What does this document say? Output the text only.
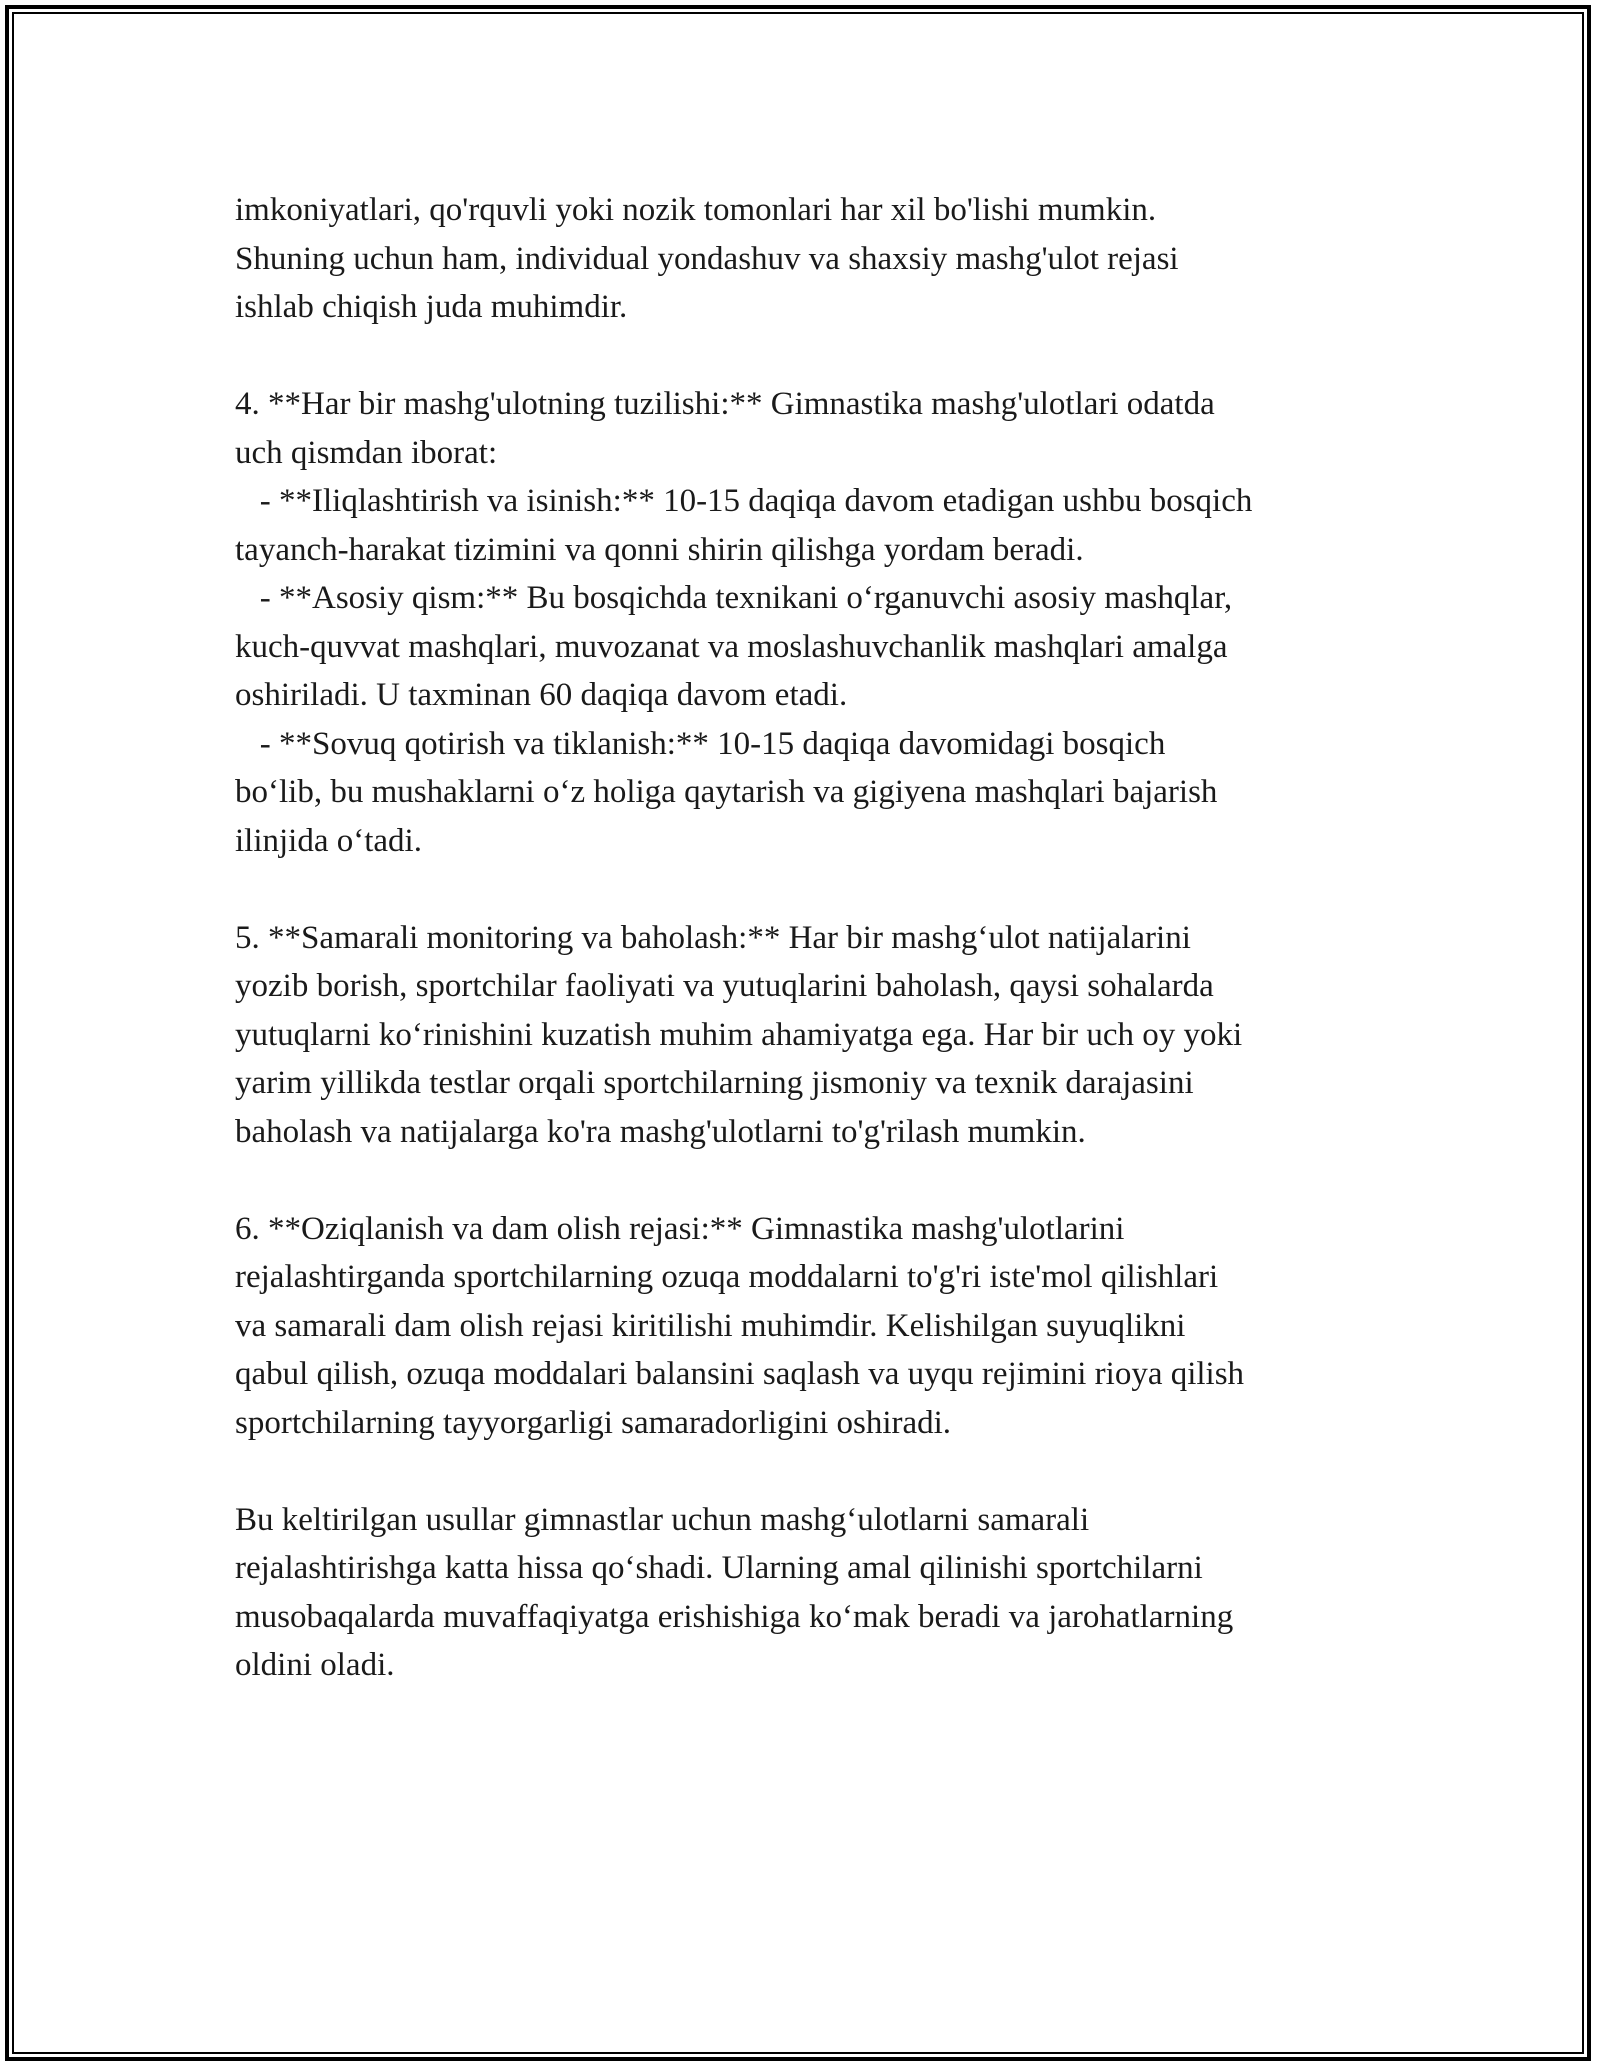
imkoniyatlari, qo'rquvli yoki nozik tomonlari har xil bo'lishi mumkin.

Shuning uchun ham, individual yondashuv va shaxsiy mashg'ulot rejasi

ishlab chiqish juda muhimdir.

4. **Har bir mashg'ulotning tuzilishi:** Gimnastika mashg'ulotlari odatda

uch qismdan iborat:

- **Iliqlashtirish va isinish:** 10-15 daqiqa davom etadigan ushbu bosqich

tayanch-harakat tizimini va qonni shirin qilishga yordam beradi.

- **Asosiy qism:** Bu bosqichda texnikani o‘rganuvchi asosiy mashqlar,

kuch-quvvat mashqlari, muvozanat va moslashuvchanlik mashqlari amalga

oshiriladi. U taxminan 60 daqiqa davom etadi.

- **Sovuq qotirish va tiklanish:** 10-15 daqiqa davomidagi bosqich

bo‘lib, bu mushaklarni o‘z holiga qaytarish va gigiyena mashqlari bajarish

ilinjida o‘tadi.

5. **Samarali monitoring va baholash:** Har bir mashg‘ulot natijalarini

yozib borish, sportchilar faoliyati va yutuqlarini baholash, qaysi sohalarda

yutuqlarni ko‘rinishini kuzatish muhim ahamiyatga ega. Har bir uch oy yoki

yarim yillikda testlar orqali sportchilarning jismoniy va texnik darajasini

baholash va natijalarga ko'ra mashg'ulotlarni to'g'rilash mumkin.

6. **Oziqlanish va dam olish rejasi:** Gimnastika mashg'ulotlarini

rejalashtirganda sportchilarning ozuqa moddalarni to'g'ri iste'mol qilishlari

va samarali dam olish rejasi kiritilishi muhimdir. Kelishilgan suyuqlikni

qabul qilish, ozuqa moddalari balansini saqlash va uyqu rejimini rioya qilish

sportchilarning tayyorgarligi samaradorligini oshiradi.

Bu keltirilgan usullar gimnastlar uchun mashg‘ulotlarni samarali

rejalashtirishga katta hissa qo‘shadi. Ularning amal qilinishi sportchilarni

musobaqalarda muvaffaqiyatga erishishiga ko‘mak beradi va jarohatlarning

oldini oladi.
